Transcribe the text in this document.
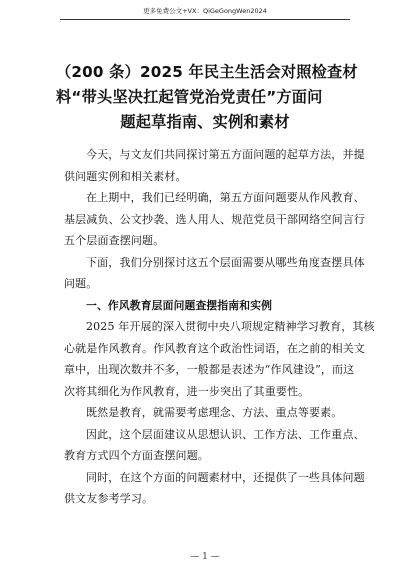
更多免费公文+VX：QiGeGongWen2024
（200 条）2025 年民主生活会对照检查材
料“带头坚决扛起管党治党责任”方面问
题起草指南、实例和素材

今天，与文友们共同探讨第五方面问题的起草方法，并提
供问题实例和相关素材。

在上期中，我们已经明确，第五方面问题要从作风教育、
基层减负、公文抄袭、选人用人、规范党员干部网络空间言行
五个层面查摆问题。

下面，我们分别探讨这五个层面需要从哪些角度查摆具体
问题。

一、作风教育层面问题查摆指南和实例

2025 年开展的深入贯彻中央八项规定精神学习教育，其核
心就是作风教育。作风教育这个政治性词语，在之前的相关文
章中，出现次数并不多，一般都是表述为“作风建设”，而这
次将其细化为作风教育，进一步突出了其重要性。

既然是教育，就需要考虑理念、方法、重点等要素。

因此，这个层面建议从思想认识、工作方法、工作重点、
教育方式四个方面查摆问题。

同时，在这个方面的问题素材中，还提供了一些具体问题
供文友参考学习。

— 1 —
